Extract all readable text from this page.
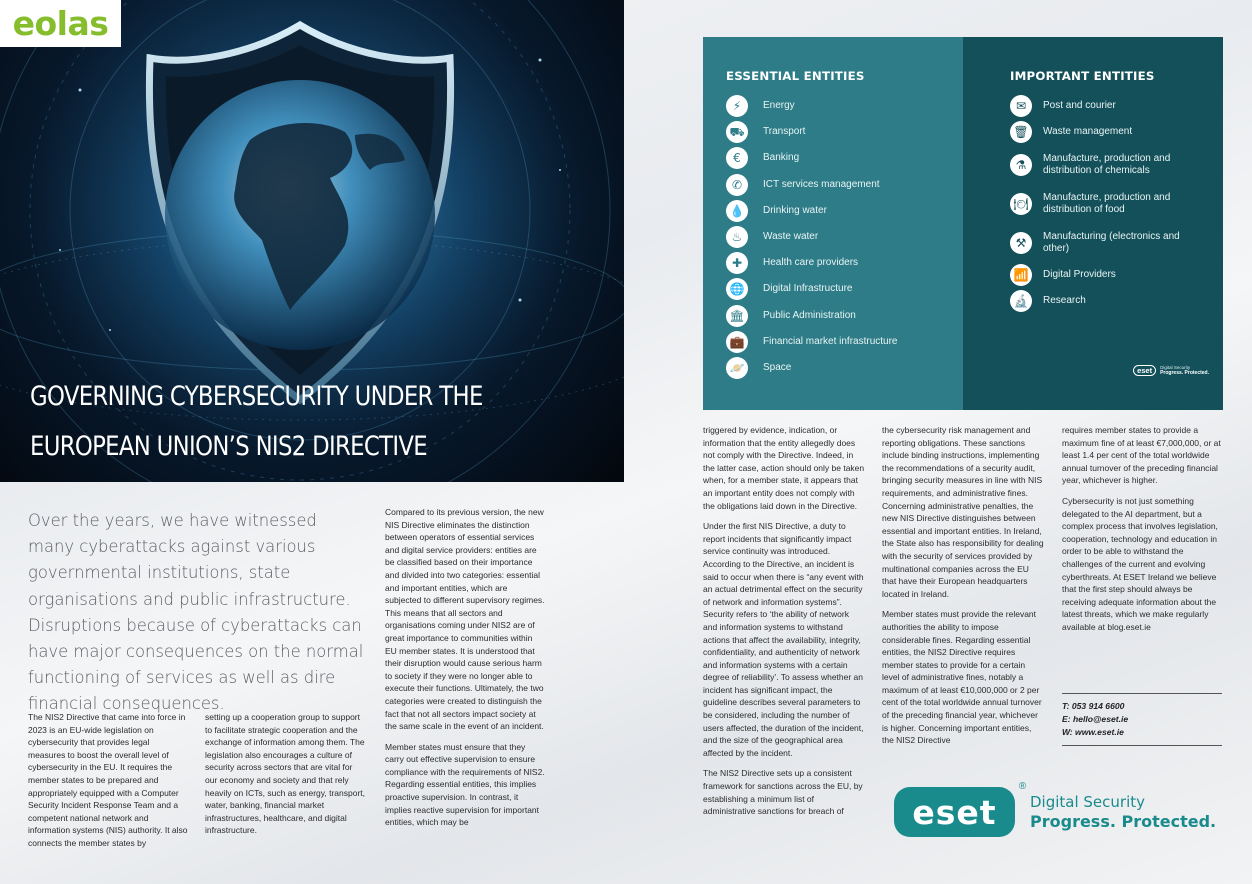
eolas
GOVERNING CYBERSECURITY UNDER THE
EUROPEAN UNION’S NIS2 DIRECTIVE
Over the years, we have witnessed many cyberattacks against various governmental institutions, state organisations and public infrastructure. Disruptions because of cyberattacks can have major consequences on the normal functioning of services as well as dire financial consequences.

The NIS2 Directive that came into force in 2023 is an EU-wide legislation on cybersecurity that provides legal measures to boost the overall level of cybersecurity in the EU. It requires the member states to be prepared and appropriately equipped with a Computer Security Incident Response Team and a competent national network and information systems (NIS) authority. It also connects the member states by

setting up a cooperation group to support to facilitate strategic cooperation and the exchange of information among them. The legislation also encourages a culture of security across sectors that are vital for our economy and society and that rely heavily on ICTs, such as energy, transport, water, banking, financial market infrastructures, healthcare, and digital infrastructure.

Compared to its previous version, the new NIS Directive eliminates the distinction between operators of essential services and digital service providers: entities are be classified based on their importance and divided into two categories: essential and important entities, which are subjected to different supervisory regimes. This means that all sectors and organisations coming under NIS2 are of great importance to communities within EU member states. It is understood that their disruption would cause serious harm to society if they were no longer able to execute their functions. Ultimately, the two categories were created to distinguish the fact that not all sectors impact society at the same scale in the event of an incident.

Member states must ensure that they carry out effective supervision to ensure compliance with the requirements of NIS2. Regarding essential entities, this implies proactive supervision. In contrast, it implies reactive supervision for important entities, which may be

triggered by evidence, indication, or information that the entity allegedly does not comply with the Directive. Indeed, in the latter case, action should only be taken when, for a member state, it appears that an important entity does not comply with the obligations laid down in the Directive.

Under the first NIS Directive, a duty to report incidents that significantly impact service continuity was introduced. According to the Directive, an incident is said to occur when there is “any event with an actual detrimental effect on the security of network and information systems”. Security refers to ‘the ability of network and information systems to withstand actions that affect the availability, integrity, confidentiality, and authenticity of network and information systems with a certain degree of reliability’. To assess whether an incident has significant impact, the guideline describes several parameters to be considered, including the number of users affected, the duration of the incident, and the size of the geographical area affected by the incident.

The NIS2 Directive sets up a consistent framework for sanctions across the EU, by establishing a minimum list of administrative sanctions for breach of

the cybersecurity risk management and reporting obligations. These sanctions include binding instructions, implementing the recommendations of a security audit, bringing security measures in line with NIS requirements, and administrative fines. Concerning administrative penalties, the new NIS Directive distinguishes between essential and important entities. In Ireland, the State also has responsibility for dealing with the security of services provided by multinational companies across the EU that have their European headquarters located in Ireland.

Member states must provide the relevant authorities the ability to impose considerable fines. Regarding essential entities, the NIS2 Directive requires member states to provide for a certain level of administrative fines, notably a maximum of at least €10,000,000 or 2 per cent of the total worldwide annual turnover of the preceding financial year, whichever is higher. Concerning important entities, the NIS2 Directive

requires member states to provide a maximum fine of at least €7,000,000, or at least 1.4 per cent of the total worldwide annual turnover of the preceding financial year, whichever is higher.

Cybersecurity is not just something delegated to the AI department, but a complex process that involves legislation, cooperation, technology and education in order to be able to withstand the challenges of the current and evolving cyberthreats. At ESET Ireland we believe that the first step should always be receiving adequate information about the latest threats, which we make regularly available at blog.eset.ie

ESSENTIAL ENTITIES
⚡	Energy
⛟	Transport
€	Banking
✆	ICT services management
💧	Drinking water
♨	Waste water
✚	Health care providers
🌐	Digital Infrastructure
🏛	Public Administration
💼	Financial market infrastructure
🪐	Space
IMPORTANT ENTITIES
✉	Post and courier
🗑	Waste management
⚗	Manufacture, production and distribution of chemicals
🍽	Manufacture, production and distribution of food
⚒	Manufacturing (electronics and other)
📶	Digital Providers
🔬	Research
eset	Digital Security
Progress. Protected.
T: 053 914 6600
E: hello@eset.ie
W: www.eset.ie
eset
®
Digital Security
Progress. Protected.
